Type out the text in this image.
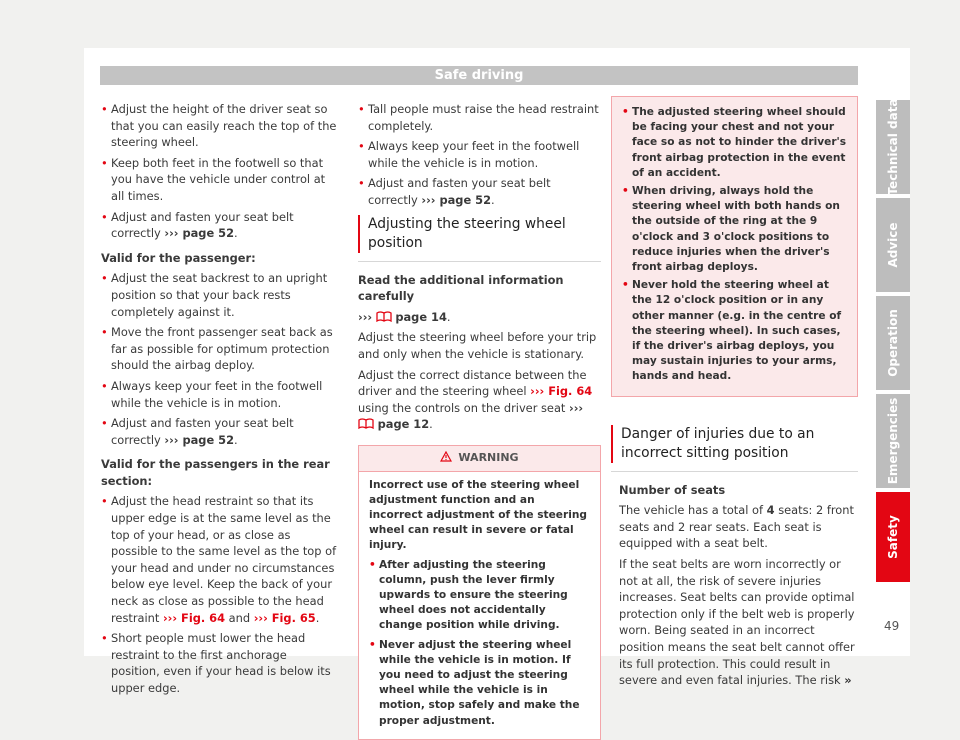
Safe driving

• Adjust the height of the driver seat so that you can easily reach the top of the steering wheel.

• Keep both feet in the footwell so that you have the vehicle under control at all times.

• Adjust and fasten your seat belt correctly ››› page 52.

Valid for the passenger:

• Adjust the seat backrest to an upright position so that your back rests completely against it.

• Move the front passenger seat back as far as possible for optimum protection should the airbag deploy.

• Always keep your feet in the footwell while the vehicle is in motion.

• Adjust and fasten your seat belt correctly ››› page 52.

Valid for the passengers in the rear section:

• Adjust the head restraint so that its upper edge is at the same level as the top of your head, or as close as possible to the same level as the top of your head and under no circumstances below eye level. Keep the back of your neck as close as possible to the head restraint ››› Fig. 64 and ››› Fig. 65.

• Short people must lower the head restraint to the first anchorage position, even if your head is below its upper edge.

• Tall people must raise the head restraint completely.

• Always keep your feet in the footwell while the vehicle is in motion.

• Adjust and fasten your seat belt correctly ››› page 52.

Adjusting the steering wheel position

Read the additional information carefully

››› page 14.

Adjust the steering wheel before your trip and only when the vehicle is stationary.

Adjust the correct distance between the driver and the steering wheel ››› Fig. 64 using the controls on the driver seat ›››  page 12.

WARNING

Incorrect use of the steering wheel adjustment function and an incorrect adjustment of the steering wheel can result in severe or fatal injury.

• After adjusting the steering column, push the lever firmly upwards to ensure the steering wheel does not accidentally change position while driving.

• Never adjust the steering wheel while the vehicle is in motion. If you need to adjust the steering wheel while the vehicle is in motion, stop safely and make the proper adjustment.

• The adjusted steering wheel should be facing your chest and not your face so as not to hinder the driver's front airbag protection in the event of an accident.

• When driving, always hold the steering wheel with both hands on the outside of the ring at the 9 o'clock and 3 o'clock positions to reduce injuries when the driver's front airbag deploys.

• Never hold the steering wheel at the 12 o'clock position or in any other manner (e.g. in the centre of the steering wheel). In such cases, if the driver's airbag deploys, you may sustain injuries to your arms, hands and head.

Danger of injuries due to an incorrect sitting position

Number of seats

The vehicle has a total of 4 seats: 2 front seats and 2 rear seats. Each seat is equipped with a seat belt.

If the seat belts are worn incorrectly or not at all, the risk of severe injuries increases. Seat belts can provide optimal protection only if the belt web is properly worn. Being seated in an incorrect position means the seat belt cannot offer its full protection. This could result in severe and even fatal injuries. The risk »

Technical data
Advice
Operation
Emergencies
Safety
49
